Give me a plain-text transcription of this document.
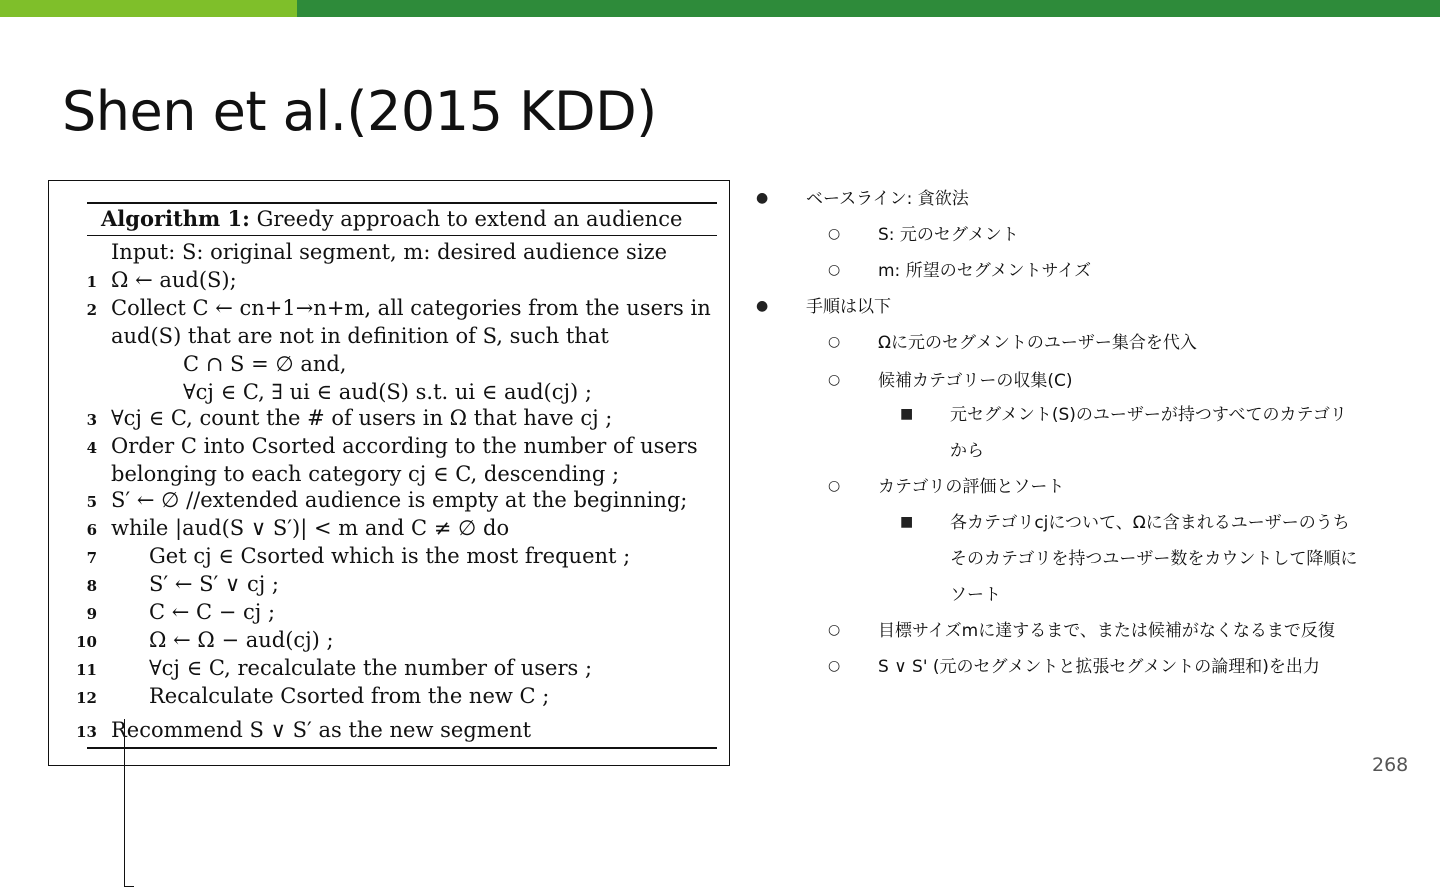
Shen et al.(2015 KDD)
Algorithm 1: Greedy approach to extend an audience
Input: S: original segment, m: desired audience size
1 Ω ← aud(S);
2 Collect C ← cn+1→n+m, all categories from the users in
aud(S) that are not in definition of S, such that
C ∩ S = ∅ and,
∀cj ∈ C, ∃ ui ∈ aud(S) s.t. ui ∈ aud(cj) ;
3 ∀cj ∈ C, count the # of users in Ω that have cj ;
4 Order C into Csorted according to the number of users
belonging to each category cj ∈ C, descending ;
5 S′ ← ∅ //extended audience is empty at the beginning;
6 while |aud(S ∨ S′)| < m and C ≠ ∅ do
7 Get cj ∈ Csorted which is the most frequent ;
8 S′ ← S′ ∨ cj ;
9 C ← C − cj ;
10 Ω ← Ω − aud(cj) ;
11 ∀cj ∈ C, recalculate the number of users ;
12 Recalculate Csorted from the new C ;
13 Recommend S ∨ S′ as the new segment
● ベースライン: 貪欲法
○ S: 元のセグメント
○ m: 所望のセグメントサイズ
● 手順は以下
○ Ωに元のセグメントのユーザー集合を代入
○ 候補カテゴリーの収集(C)
■ 元セグメント(S)のユーザーが持つすべてのカテゴリ
から
○ カテゴリの評価とソート
■ 各カテゴリcjについて、Ωに含まれるユーザーのうち
そのカテゴリを持つユーザー数をカウントして降順に
ソート
○ 目標サイズmに達するまで、または候補がなくなるまで反復
○ S ∨ S' (元のセグメントと拡張セグメントの論理和)を出力
268
